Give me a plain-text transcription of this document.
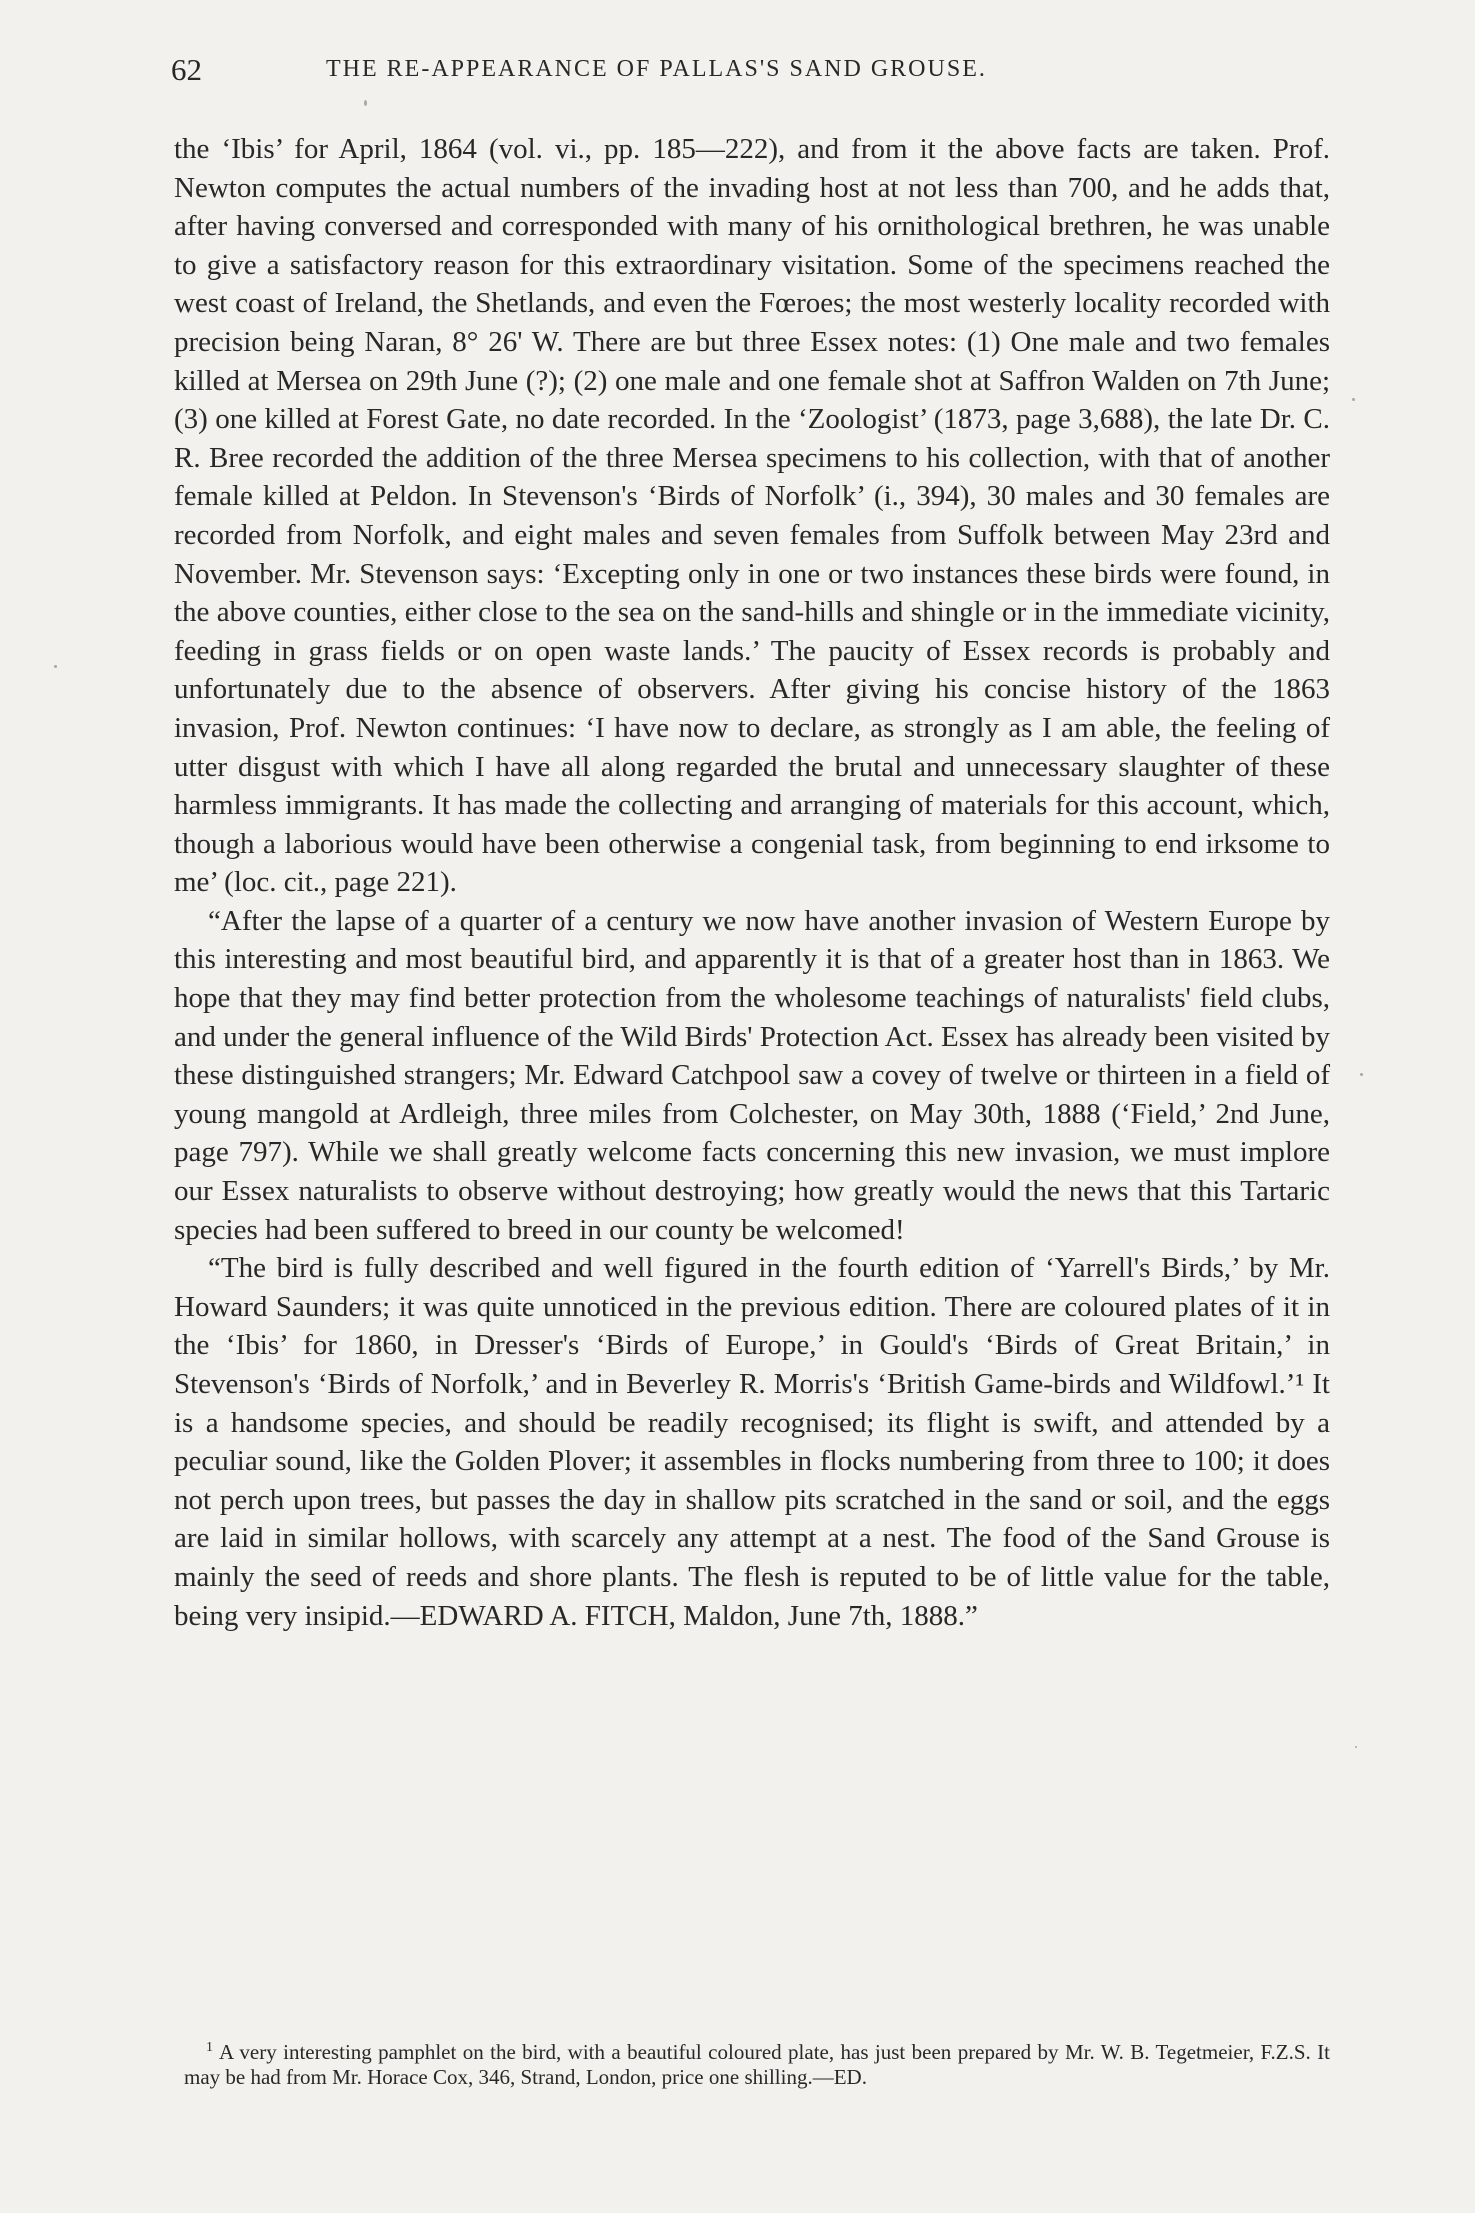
62	THE RE-APPEARANCE OF PALLAS'S SAND GROUSE.

the ‘Ibis’ for April, 1864 (vol. vi., pp. 185—222), and from it the above facts are taken. Prof. Newton computes the actual numbers of the invading host at not less than 700, and he adds that, after having conversed and corresponded with many of his ornithological brethren, he was unable to give a satisfactory reason for this extraordinary visitation. Some of the specimens reached the west coast of Ireland, the Shetlands, and even the Fœroes; the most westerly locality recorded with precision being Naran, 8° 26' W. There are but three Essex notes: (1) One male and two females killed at Mersea on 29th June (?); (2) one male and one female shot at Saffron Walden on 7th June; (3) one killed at Forest Gate, no date recorded. In the ‘Zoologist’ (1873, page 3,688), the late Dr. C. R. Bree recorded the addition of the three Mersea specimens to his collection, with that of another female killed at Peldon. In Stevenson's ‘Birds of Norfolk’ (i., 394), 30 males and 30 females are recorded from Norfolk, and eight males and seven females from Suffolk between May 23rd and November. Mr. Stevenson says: ‘Excepting only in one or two instances these birds were found, in the above counties, either close to the sea on the sand-hills and shingle or in the immediate vicinity, feeding in grass fields or on open waste lands.’ The paucity of Essex records is probably and unfortunately due to the absence of observers. After giving his concise history of the 1863 invasion, Prof. Newton continues: ‘I have now to declare, as strongly as I am able, the feeling of utter disgust with which I have all along regarded the brutal and unnecessary slaughter of these harmless immigrants. It has made the collecting and arranging of materials for this account, which, though a laborious would have been otherwise a congenial task, from beginning to end irksome to me’ (loc. cit., page 221).

“After the lapse of a quarter of a century we now have another invasion of Western Europe by this interesting and most beautiful bird, and apparently it is that of a greater host than in 1863. We hope that they may find better protection from the wholesome teachings of naturalists' field clubs, and under the general influence of the Wild Birds' Protection Act. Essex has already been visited by these distinguished strangers; Mr. Edward Catchpool saw a covey of twelve or thirteen in a field of young mangold at Ardleigh, three miles from Colchester, on May 30th, 1888 (‘Field,’ 2nd June, page 797). While we shall greatly welcome facts concerning this new invasion, we must implore our Essex naturalists to observe without destroying; how greatly would the news that this Tartaric species had been suffered to breed in our county be welcomed!

“The bird is fully described and well figured in the fourth edition of ‘Yarrell's Birds,’ by Mr. Howard Saunders; it was quite unnoticed in the previous edition. There are coloured plates of it in the ‘Ibis’ for 1860, in Dresser's ‘Birds of Europe,’ in Gould's ‘Birds of Great Britain,’ in Stevenson's ‘Birds of Norfolk,’ and in Beverley R. Morris's ‘British Game-birds and Wildfowl.’¹ It is a handsome species, and should be readily recognised; its flight is swift, and attended by a peculiar sound, like the Golden Plover; it assembles in flocks numbering from three to 100; it does not perch upon trees, but passes the day in shallow pits scratched in the sand or soil, and the eggs are laid in similar hollows, with scarcely any attempt at a nest. The food of the Sand Grouse is mainly the seed of reeds and shore plants. The flesh is reputed to be of little value for the table, being very insipid.—EDWARD A. FITCH, Maldon, June 7th, 1888.”

$^1$ A very interesting pamphlet on the bird, with a beautiful coloured plate, has just been prepared by Mr. W. B. Tegetmeier, F.Z.S. It may be had from Mr. Horace Cox, 346, Strand, London, price one shilling.—ED.
